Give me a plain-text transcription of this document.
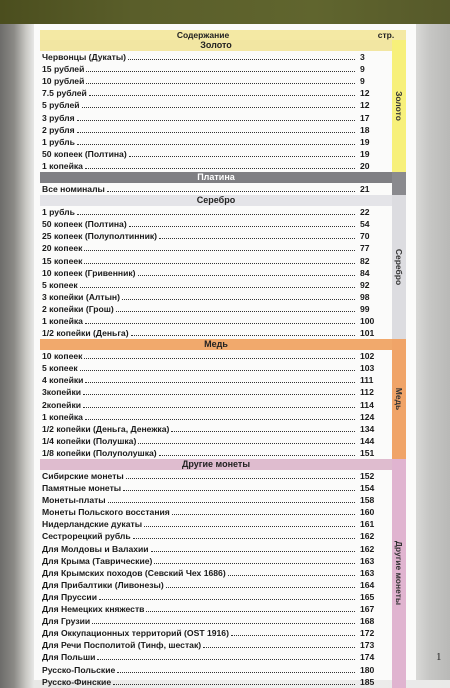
Содержание	стр.
Золото
Червонцы (Дукаты)	3
15 рублей	9
10 рублей	9
7.5 рублей	12
5 рублей	12
3 рубля	17
2 рубля	18
1 рубль	19
50 копеек (Полтина)	19
1 копейка	20
Золото
Платина
Все номиналы	21
Серебро
1 рубль	22
50 копеек (Полтина)	54
25 копеек (Полуполтинник)	70
20 копеек	77
15 копеек	82
10 копеек (Гривенник)	84
5 копеек	92
3 копейки (Алтын)	98
2 копейки (Грош)	99
1 копейка	100
1/2 копейки (Деньга)	101
Серебро
Медь
10 копеек	102
5 копеек	103
4 копейки	111
3копейки	112
2копейки	114
1 копейка	124
1/2 копейки (Деньга, Денежка)	134
1/4 копейки (Полушка)	144
1/8 копейки (Полуполушка)	151
Медь
Другие монеты
Сибирские монеты	152
Памятные монеты	154
Монеты-платы	158
Монеты Польского восстания	160
Нидерландские дукаты	161
Сестрорецкий рубль	162
Для Молдовы и Валахии	162
Для Крыма (Таврические)	163
Для Крымских походов (Севский Чех 1686)	163
Для Прибалтики (Ливонезы)	164
Для Пруссии	165
Для Немецких княжеств	167
Для Грузии	168
Для Оккупационных территорий (OST 1916)	172
Для Речи Посполитой (Тинф, шестак)	173
Для Польши	174
Русско-Польские	180
Русско-Финские	185
Другие монеты
1
